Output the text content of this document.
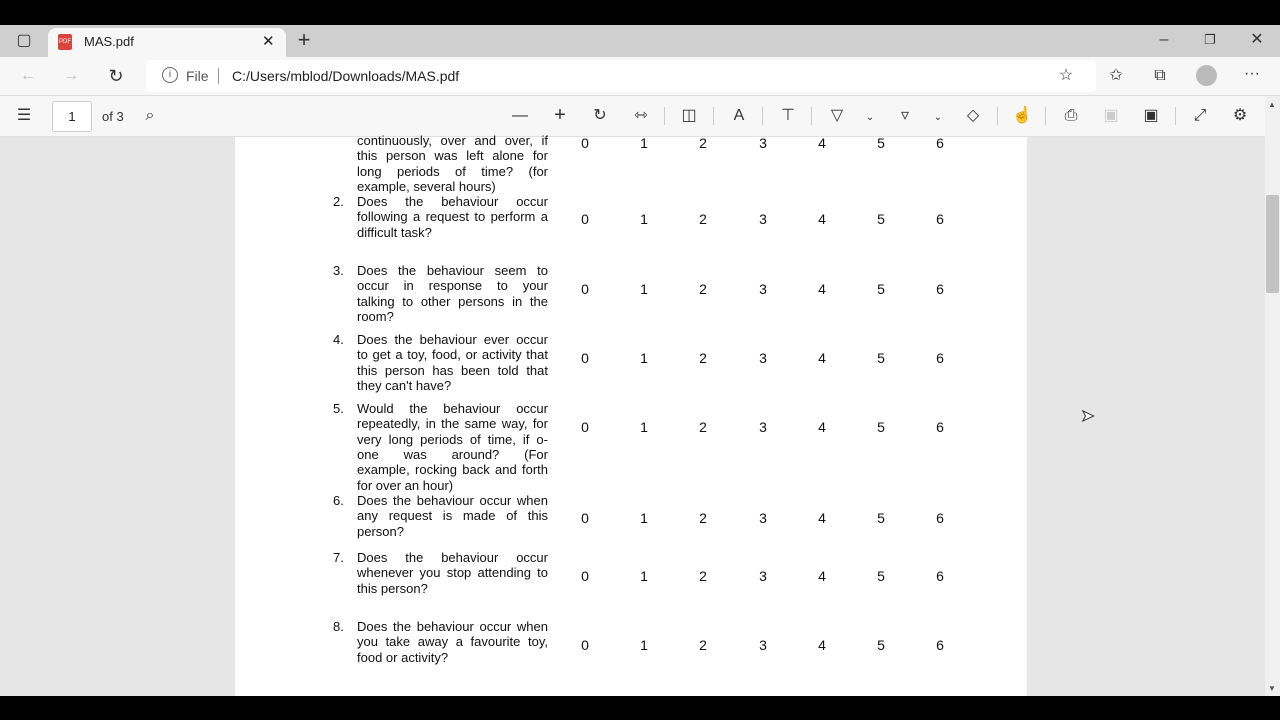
▢	PDF MAS.pdf	✕ +	–	❐ ✕
← → ↻	i	File C:/Users/mblod/Downloads/MAS.pdf	☆ ✩ ⧉	···
☰	1	of 3	⌕	— + ↻ ⇿ ◫	A	⊤	▽	⌄	▿	⌄	◇	☝ ⎙ ▣ ▣ ⤢ ⚙
continuously, over and over, if
this person was left alone for
long periods of time? (for
example, several hours)
0	1	2	3	4	5	6
2. Does the behaviour occur
following a request to perform a
difficult task?
0	1	2	3	4	5	6
3. Does the behaviour seem to
occur in response to your
talking to other persons in the
room?
0	1	2	3	4	5	6
4. Does the behaviour ever occur
to get a toy, food, or activity that
this person has been told that
they can't have?
0	1	2	3	4	5	6
5. Would the behaviour occur
repeatedly, in the same way, for
very long periods of time, if o-
one was around? (For
example, rocking back and forth
for over an hour)
0	1	2	3	4	5	6
6. Does the behaviour occur when
any request is made of this
person?
0	1	2	3	4	5	6
7. Does the behaviour occur
whenever you stop attending to
this person?
0	1	2	3	4	5	6
8. Does the behaviour occur when
you take away a favourite toy,
food or activity?
0	1	2	3	4	5	6
▲
▼
➤
